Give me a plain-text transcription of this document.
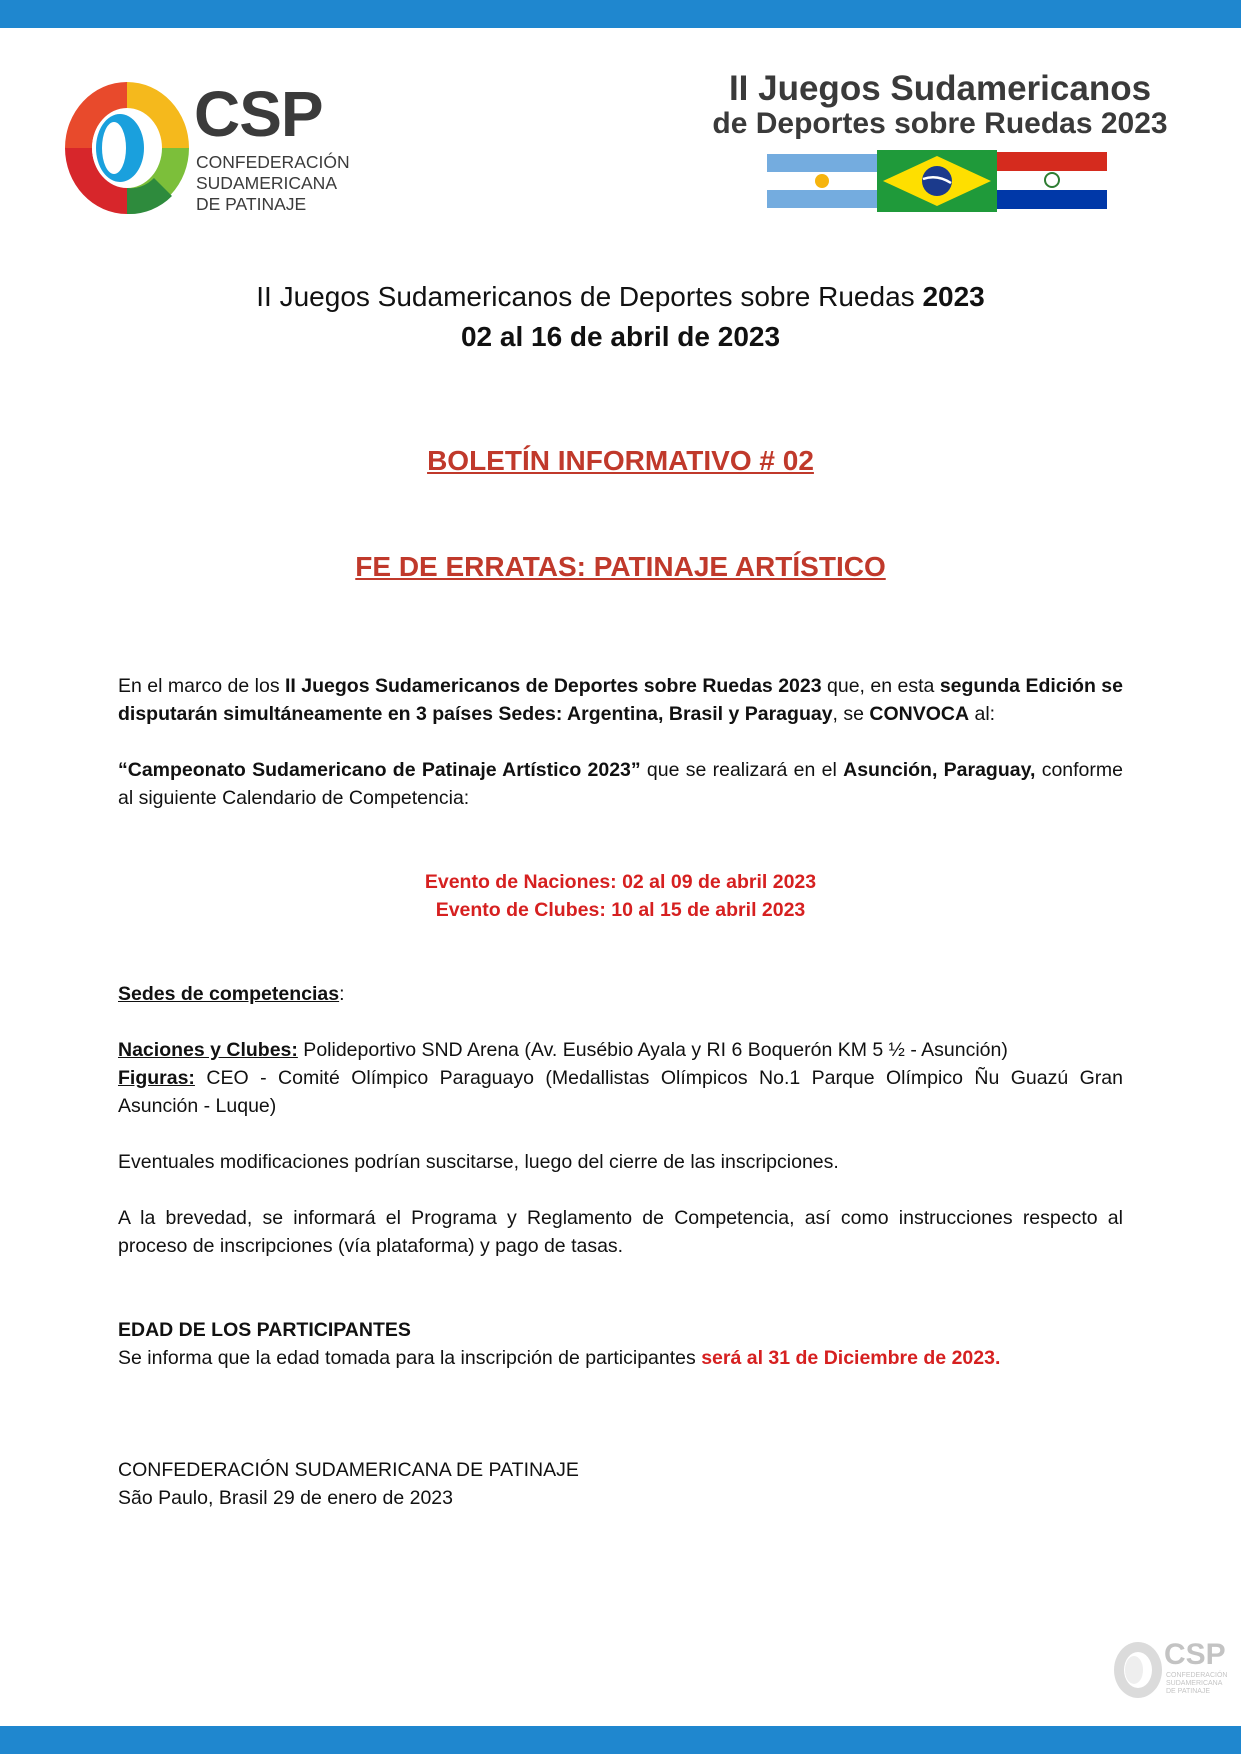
CSP
CONFEDERACIÓN
SUDAMERICANA
DE PATINAJE
II Juegos Sudamericanos
de Deportes sobre Ruedas 2023
II Juegos Sudamericanos de Deportes sobre Ruedas 2023
02 al 16 de abril de 2023
BOLETÍN INFORMATIVO # 02
FE DE ERRATAS: PATINAJE ARTÍSTICO
En el marco de los II Juegos Sudamericanos de Deportes sobre Ruedas 2023 que, en esta segunda Edición se disputarán simultáneamente en 3 países Sedes: Argentina, Brasil y Paraguay, se CONVOCA al:
“Campeonato Sudamericano de Patinaje Artístico 2023” que se realizará en el Asunción, Paraguay, conforme al siguiente Calendario de Competencia:
Evento de Naciones: 02 al 09 de abril 2023
Evento de Clubes: 10 al 15 de abril 2023
Sedes de competencias:
Naciones y Clubes: Polideportivo SND Arena (Av. Eusébio Ayala y RI 6 Boquerón KM 5 ½ - Asunción)
Figuras: CEO - Comité Olímpico Paraguayo (Medallistas Olímpicos No.1 Parque Olímpico Ñu Guazú Gran Asunción - Luque)
Eventuales modificaciones podrían suscitarse, luego del cierre de las inscripciones.
A la brevedad, se informará el Programa y Reglamento de Competencia, así como instrucciones respecto al proceso de inscripciones (vía plataforma) y pago de tasas.
EDAD DE LOS PARTICIPANTES
Se informa que la edad tomada para la inscripción de participantes será al 31 de Diciembre de 2023.
CONFEDERACIÓN SUDAMERICANA DE PATINAJE
São Paulo, Brasil 29 de enero de 2023
CSP
CONFEDERACIÓN
SUDAMERICANA
DE PATINAJE
